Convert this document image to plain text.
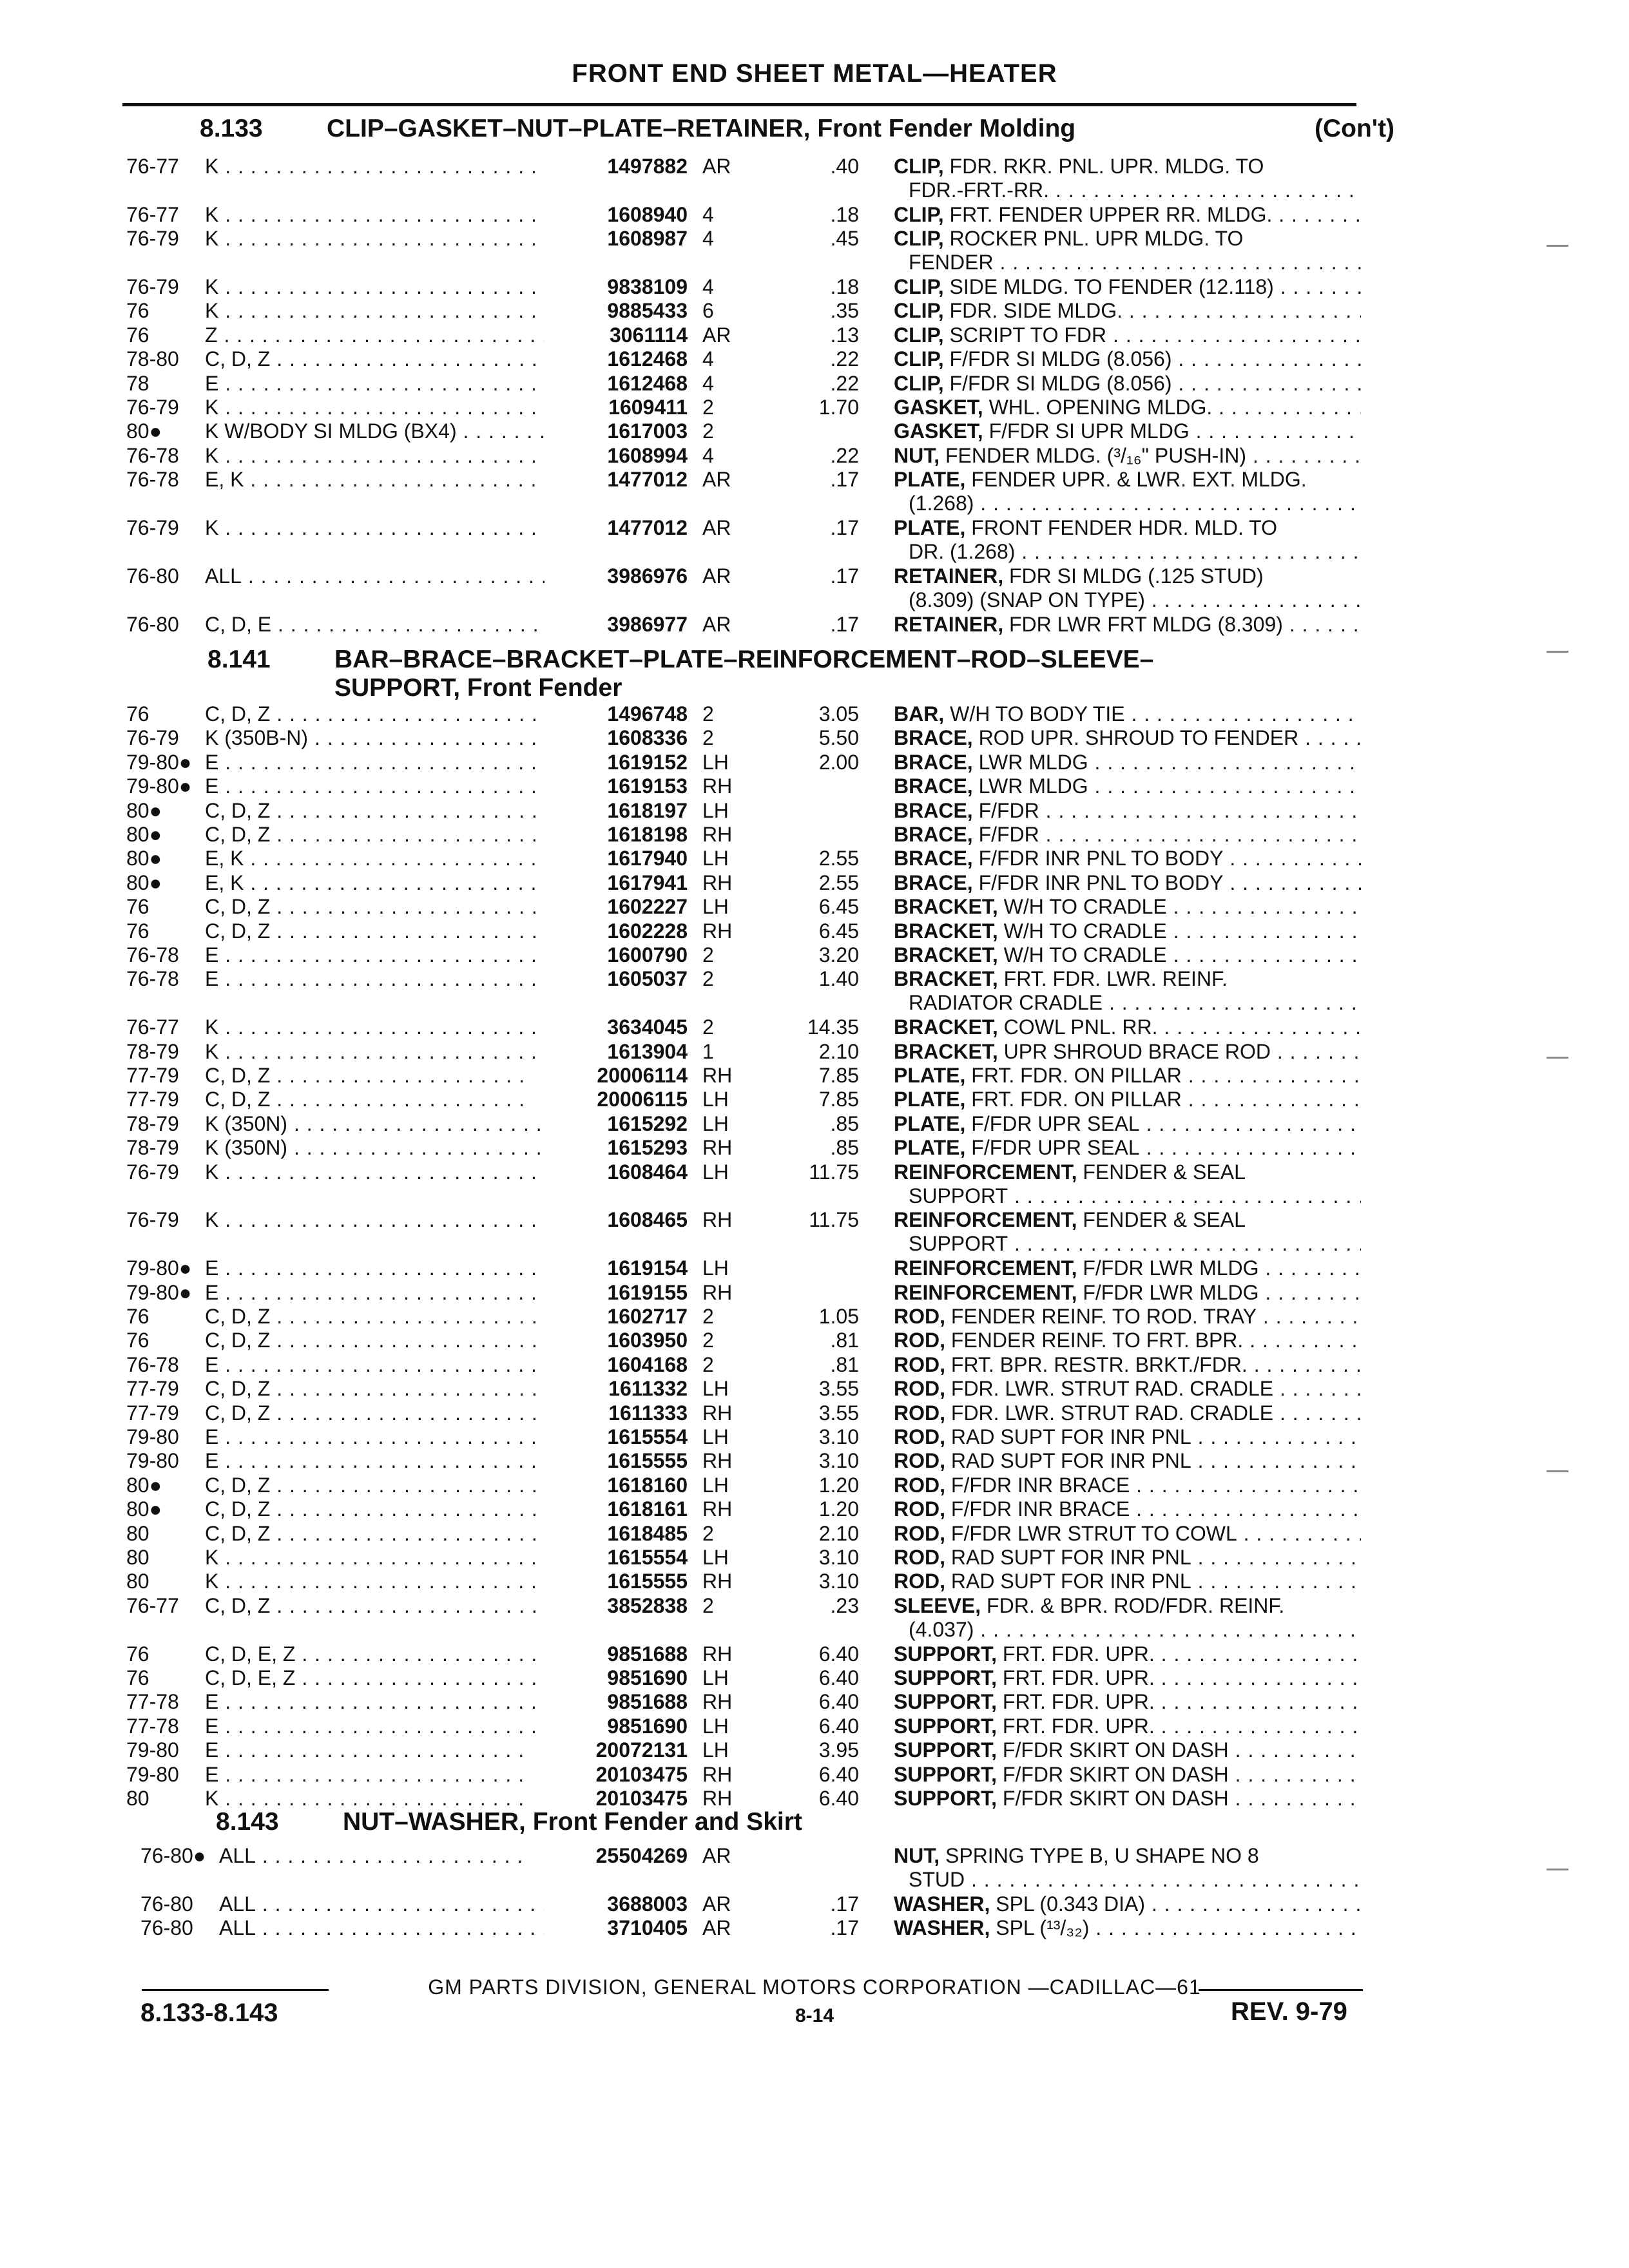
FRONT END SHEET METAL—HEATER
8.133	CLIP–GASKET–NUT–PLATE–RETAINER, Front Fender Molding	(Con't)
76-77 K . . .	1497882 AR	.40 CLIP, FDR. RKR. PNL. UPR. MLDG. TO
FDR.-FRT.-RR. . . .
76-77 K . . .	1608940 4	.18 CLIP, FRT. FENDER UPPER RR. MLDG. . . .
76-79 K . . .	1608987 4	.45 CLIP, ROCKER PNL. UPR MLDG. TO
FENDER . . .
76-79 K . . .	9838109 4	.18 CLIP, SIDE MLDG. TO FENDER (12.118) . . .
76	K . . .	9885433 6	.35 CLIP, FDR. SIDE MLDG. . . .
76	Z . . .	3061114 AR	.13 CLIP, SCRIPT TO FDR . . .
78-80 C, D, Z . . .	1612468 4	.22 CLIP, F/FDR SI MLDG (8.056) . . .
78	E . . .	1612468 4	.22 CLIP, F/FDR SI MLDG (8.056) . . .
76-79 K . . .	1609411 2	1.70 GASKET, WHL. OPENING MLDG. . . .
80● K W/BODY SI MLDG (BX4) . . .	1617003 2	GASKET, F/FDR SI UPR MLDG . . .
76-78 K . . .	1608994 4	.22 NUT, FENDER MLDG. (³/₁₆" PUSH-IN) . . .
76-78 E, K . . .	1477012 AR	.17 PLATE, FENDER UPR. & LWR. EXT. MLDG.
(1.268) . . .
76-79 K . . .	1477012 AR	.17 PLATE, FRONT FENDER HDR. MLD. TO
DR. (1.268) . . .
76-80 ALL . . .	3986976 AR	.17 RETAINER, FDR SI MLDG (.125 STUD)
(8.309) (SNAP ON TYPE) . . .
76-80 C, D, E . . .	3986977 AR	.17 RETAINER, FDR LWR FRT MLDG (8.309) . . .
8.141	BAR–BRACE–BRACKET–PLATE–REINFORCEMENT–ROD–SLEEVE–
SUPPORT, Front Fender
76	C, D, Z . . .	1496748 2	3.05 BAR, W/H TO BODY TIE . . .
76-79 K (350B-N) . . .	1608336 2	5.50 BRACE, ROD UPR. SHROUD TO FENDER . . .
79-80● E . . .	1619152 LH	2.00 BRACE, LWR MLDG . . .
79-80● E . . .	1619153 RH	BRACE, LWR MLDG . . .
80● C, D, Z . . .	1618197 LH	BRACE, F/FDR . . .
80● C, D, Z . . .	1618198 RH	BRACE, F/FDR . . .
80● E, K . . .	1617940 LH	2.55 BRACE, F/FDR INR PNL TO BODY . . .
80● E, K . . .	1617941 RH	2.55 BRACE, F/FDR INR PNL TO BODY . . .
76	C, D, Z . . .	1602227 LH	6.45 BRACKET, W/H TO CRADLE . . .
76	C, D, Z . . .	1602228 RH	6.45 BRACKET, W/H TO CRADLE . . .
76-78 E . . .	1600790 2	3.20 BRACKET, W/H TO CRADLE . . .
76-78 E . . .	1605037 2	1.40 BRACKET, FRT. FDR. LWR. REINF.
RADIATOR CRADLE . . .
76-77 K . . .	3634045 2	14.35 BRACKET, COWL PNL. RR. . . .
78-79 K . . .	1613904 1	2.10 BRACKET, UPR SHROUD BRACE ROD . . .
77-79 C, D, Z . . .	20006114 RH	7.85 PLATE, FRT. FDR. ON PILLAR . . .
77-79 C, D, Z . . .	20006115 LH	7.85 PLATE, FRT. FDR. ON PILLAR . . .
78-79 K (350N) . . .	1615292 LH	.85 PLATE, F/FDR UPR SEAL . . .
78-79 K (350N) . . .	1615293 RH	.85 PLATE, F/FDR UPR SEAL . . .
76-79 K . . .	1608464 LH	11.75 REINFORCEMENT, FENDER & SEAL
SUPPORT . . .
76-79 K . . .	1608465 RH	11.75 REINFORCEMENT, FENDER & SEAL
SUPPORT . . .
79-80● E . . .	1619154 LH	REINFORCEMENT, F/FDR LWR MLDG . . .
79-80● E . . .	1619155 RH	REINFORCEMENT, F/FDR LWR MLDG . . .
76	C, D, Z . . .	1602717 2	1.05 ROD, FENDER REINF. TO ROD. TRAY . . .
76	C, D, Z . . .	1603950 2	.81 ROD, FENDER REINF. TO FRT. BPR. . . .
76-78 E . . .	1604168 2	.81 ROD, FRT. BPR. RESTR. BRKT./FDR. . . .
77-79 C, D, Z . . .	1611332 LH	3.55 ROD, FDR. LWR. STRUT RAD. CRADLE . . .
77-79 C, D, Z . . .	1611333 RH	3.55 ROD, FDR. LWR. STRUT RAD. CRADLE . . .
79-80 E . . .	1615554 LH	3.10 ROD, RAD SUPT FOR INR PNL . . .
79-80 E . . .	1615555 RH	3.10 ROD, RAD SUPT FOR INR PNL . . .
80● C, D, Z . . .	1618160 LH	1.20 ROD, F/FDR INR BRACE . . .
80● C, D, Z . . .	1618161 RH	1.20 ROD, F/FDR INR BRACE . . .
80	C, D, Z . . .	1618485 2	2.10 ROD, F/FDR LWR STRUT TO COWL . . .
80	K . . .	1615554 LH	3.10 ROD, RAD SUPT FOR INR PNL . . .
80	K . . .	1615555 RH	3.10 ROD, RAD SUPT FOR INR PNL . . .
76-77 C, D, Z . . .	3852838 2	.23 SLEEVE, FDR. & BPR. ROD/FDR. REINF.
(4.037) . . .
76	C, D, E, Z . . .	9851688 RH	6.40 SUPPORT, FRT. FDR. UPR. . . .
76	C, D, E, Z . . .	9851690 LH	6.40 SUPPORT, FRT. FDR. UPR. . . .
77-78 E . . .	9851688 RH	6.40 SUPPORT, FRT. FDR. UPR. . . .
77-78 E . . .	9851690 LH	6.40 SUPPORT, FRT. FDR. UPR. . . .
79-80 E . . .	20072131 LH	3.95 SUPPORT, F/FDR SKIRT ON DASH . . .
79-80 E . . .	20103475 RH	6.40 SUPPORT, F/FDR SKIRT ON DASH . . .
80	K . . .	20103475 RH	6.40 SUPPORT, F/FDR SKIRT ON DASH . . .
8.143	NUT–WASHER, Front Fender and Skirt
76-80● ALL . . .	25504269 AR	NUT, SPRING TYPE B, U SHAPE NO 8
STUD . . .
76-80 ALL . . .	3688003 AR	.17 WASHER, SPL (0.343 DIA) . . .
76-80 ALL . . .	3710405 AR	.17 WASHER, SPL (¹³/₃₂) . . .
GM PARTS DIVISION, GENERAL MOTORS CORPORATION —CADILLAC—61
8.133-8.143	8-14	REV. 9-79
